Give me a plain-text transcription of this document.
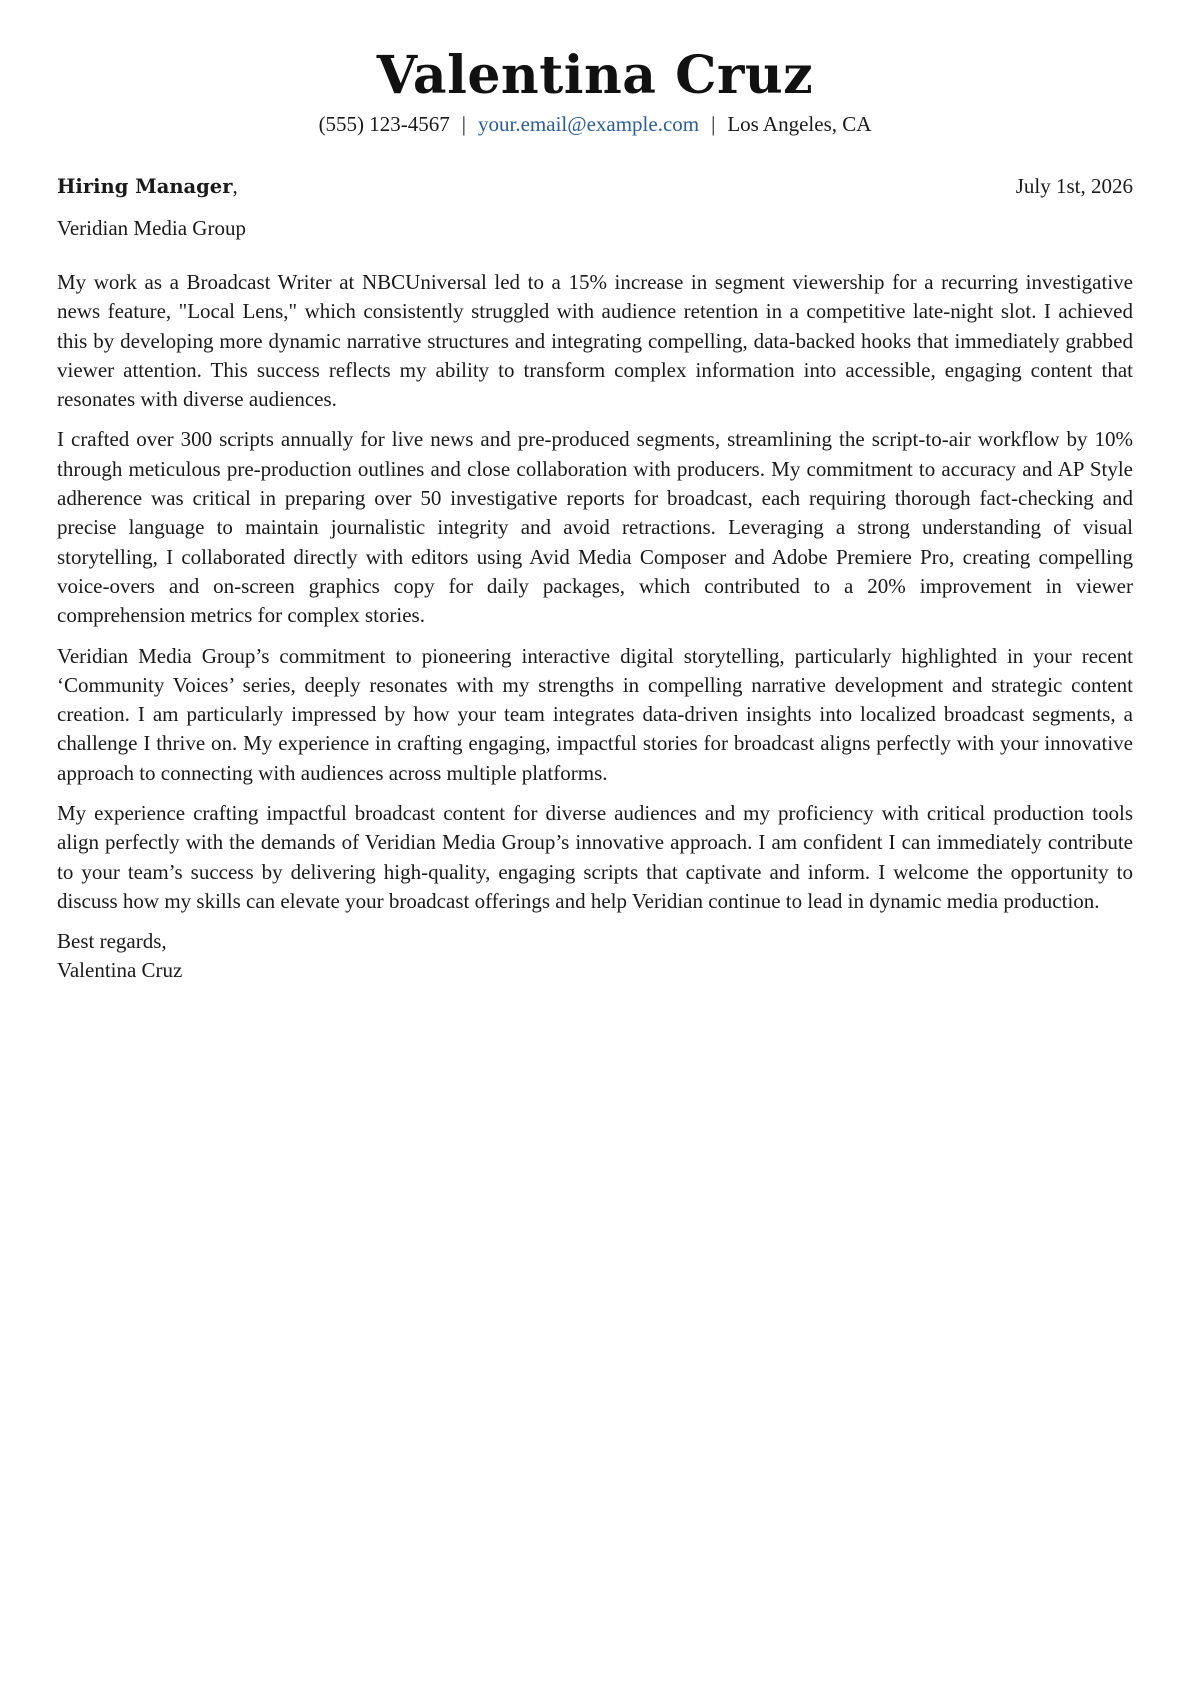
Valentina Cruz
(555) 123-4567 | your.email@example.com | Los Angeles, CA
Hiring Manager,	July 1st, 2026
Veridian Media Group

My work as a Broadcast Writer at NBCUniversal led to a 15% increase in segment viewership for a recurring investigative news feature, "Local Lens," which consistently struggled with audience retention in a competitive late-night slot. I achieved this by developing more dynamic narrative structures and integrating compelling, data-backed hooks that immediately grabbed viewer attention. This success reflects my ability to transform complex information into accessible, engaging content that resonates with diverse audiences.

I crafted over 300 scripts annually for live news and pre-produced segments, streamlining the script-to-air workflow by 10% through meticulous pre-production outlines and close collaboration with producers. My commitment to accuracy and AP Style adherence was critical in preparing over 50 investigative reports for broadcast, each requiring thorough fact-checking and precise language to maintain journalistic integrity and avoid retractions. Leveraging a strong understanding of visual storytelling, I collaborated directly with editors using Avid Media Composer and Adobe Premiere Pro, creating compelling voice-overs and on-screen graphics copy for daily packages, which contributed to a 20% improvement in viewer comprehension metrics for complex stories.

Veridian Media Group’s commitment to pioneering interactive digital storytelling, particularly highlighted in your recent ‘Community Voices’ series, deeply resonates with my strengths in compelling narrative development and strategic content creation. I am particularly impressed by how your team integrates data-driven insights into localized broadcast segments, a challenge I thrive on. My experience in crafting engaging, impactful stories for broadcast aligns perfectly with your innovative approach to connecting with audiences across multiple platforms.

My experience crafting impactful broadcast content for diverse audiences and my proficiency with critical production tools align perfectly with the demands of Veridian Media Group’s innovative approach. I am confident I can immediately contribute to your team’s success by delivering high-quality, engaging scripts that captivate and inform. I welcome the opportunity to discuss how my skills can elevate your broadcast offerings and help Veridian continue to lead in dynamic media production.

Best regards,
Valentina Cruz
